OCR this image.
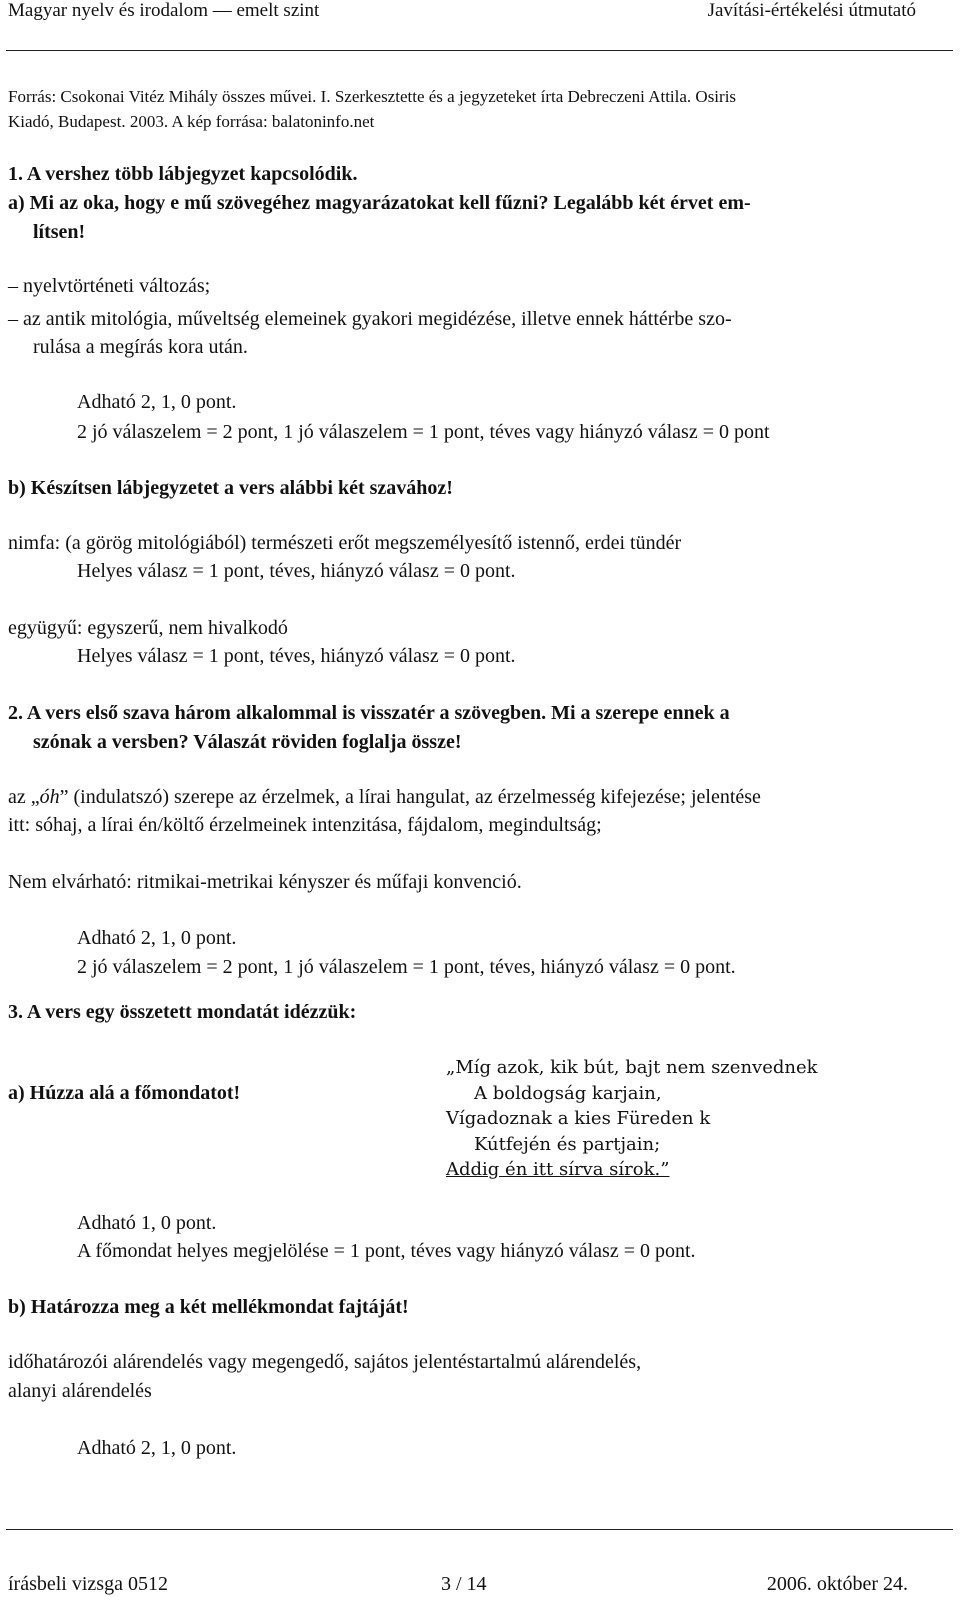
Magyar nyelv és irodalom — emelt szint	Javítási-értékelési útmutató
Forrás: Csokonai Vitéz Mihály összes művei. I. Szerkesztette és a jegyzeteket írta Debreczeni Attila. Osiris
Kiadó, Budapest. 2003. A kép forrása: balatoninfo.net
1. A vershez több lábjegyzet kapcsolódik.
a) Mi az oka, hogy e mű szövegéhez magyarázatokat kell fűzni? Legalább két érvet em-
lítsen!
– nyelvtörténeti változás;
– az antik mitológia, műveltség elemeinek gyakori megidézése, illetve ennek háttérbe szo-
rulása a megírás kora után.
Adható 2, 1, 0 pont.
2 jó válaszelem = 2 pont, 1 jó válaszelem = 1 pont, téves vagy hiányzó válasz = 0 pont
b) Készítsen lábjegyzetet a vers alábbi két szavához!
nimfa: (a görög mitológiából) természeti erőt megszemélyesítő istennő, erdei tündér
Helyes válasz = 1 pont, téves, hiányzó válasz = 0 pont.
együgyű: egyszerű, nem hivalkodó
Helyes válasz = 1 pont, téves, hiányzó válasz = 0 pont.
2. A vers első szava három alkalommal is visszatér a szövegben. Mi a szerepe ennek a
szónak a versben? Válaszát röviden foglalja össze!
az „óh” (indulatszó) szerepe az érzelmek, a lírai hangulat, az érzelmesség kifejezése; jelentése
itt: sóhaj, a lírai én/költő érzelmeinek intenzitása, fájdalom, megindultság;
Nem elvárható: ritmikai-metrikai kényszer és műfaji konvenció.
Adható 2, 1, 0 pont.
2 jó válaszelem = 2 pont, 1 jó válaszelem = 1 pont, téves, hiányzó válasz = 0 pont.
3. A vers egy összetett mondatát idézzük:
a) Húzza alá a főmondatot!
„Míg azok, kik bút, bajt nem szenvednek
A boldogság karjain,
Vígadoznak a kies Füreden k
Kútfején és partjain;
Addig én itt sírva sírok.”
Adható 1, 0 pont.
A főmondat helyes megjelölése = 1 pont, téves vagy hiányzó válasz = 0 pont.
b) Határozza meg a két mellékmondat fajtáját!
időhatározói alárendelés vagy megengedő, sajátos jelentéstartalmú alárendelés,
alanyi alárendelés
Adható 2, 1, 0 pont.
írásbeli vizsga 0512	3 / 14	2006. október 24.
